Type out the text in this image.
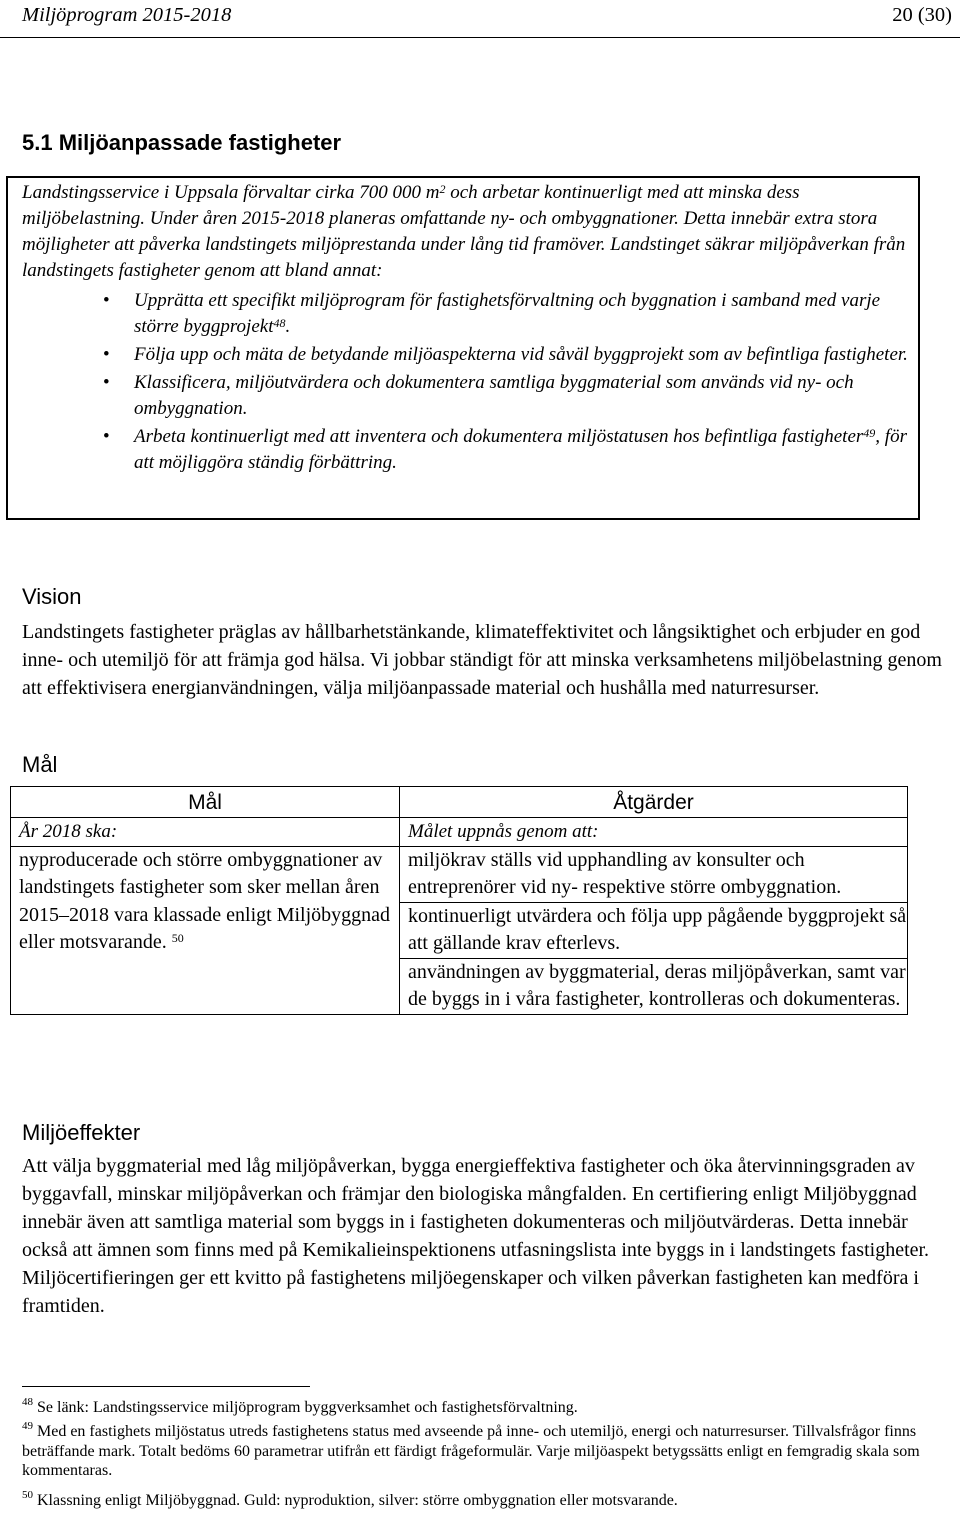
Miljöprogram 2015-2018	20 (30)
5.1 Miljöanpassade fastigheter
Landstingsservice i Uppsala förvaltar cirka 700 000 $m^2$ och arbetar kontinuerligt med att minska dess miljöbelastning. Under åren 2015-2018 planeras omfattande ny- och ombyggnationer. Detta innebär extra stora möjligheter att påverka landstingets miljöprestanda under lång tid framöver. Landstinget säkrar miljöpåverkan från landstingets fastigheter genom att bland annat:
• Upprätta ett specifikt miljöprogram för fastighetsförvaltning och byggnation i samband med varje större byggprojekt$^{48}$.
• Följa upp och mäta de betydande miljöaspekterna vid såväl byggprojekt som av befintliga fastigheter.
• Klassificera, miljöutvärdera och dokumentera samtliga byggmaterial som används vid ny- och ombyggnation.
• Arbeta kontinuerligt med att inventera och dokumentera miljöstatusen hos befintliga fastigheter$^{49}$, för att möjliggöra ständig förbättring.
Vision
Landstingets fastigheter präglas av hållbarhetstänkande, klimateffektivitet och långsiktighet och erbjuder en god inne- och utemiljö för att främja god hälsa. Vi jobbar ständigt för att minska verksamhetens miljöbelastning genom att effektivisera energianvändningen, välja miljöanpassade material och hushålla med naturresurser.
Mål
Mål	Åtgärder
År 2018 ska:	Målet uppnås genom att:
nyproducerade och större ombyggnationer av landstingets fastigheter som sker mellan åren 2015–2018 vara klassade enligt Miljöbyggnad eller motsvarande. $^{50}$	miljökrav ställs vid upphandling av konsulter och entreprenörer vid ny- respektive större ombyggnation.
	kontinuerligt utvärdera och följa upp pågående byggprojekt så att gällande krav efterlevs.
	användningen av byggmaterial, deras miljöpåverkan, samt var de byggs in i våra fastigheter, kontrolleras och dokumenteras.
Miljöeffekter
Att välja byggmaterial med låg miljöpåverkan, bygga energieffektiva fastigheter och öka återvinningsgraden av byggavfall, minskar miljöpåverkan och främjar den biologiska mångfalden. En certifiering enligt Miljöbyggnad innebär även att samtliga material som byggs in i fastigheten dokumenteras och miljöutvärderas. Detta innebär också att ämnen som finns med på Kemikalieinspektionens utfasningslista inte byggs in i landstingets fastigheter. Miljöcertifieringen ger ett kvitto på fastighetens miljöegenskaper och vilken påverkan fastigheten kan medföra i framtiden.
$^{48}$ Se länk: Landstingsservice miljöprogram byggverksamhet och fastighetsförvaltning.
$^{49}$ Med en fastighets miljöstatus utreds fastighetens status med avseende på inne- och utemiljö, energi och naturresurser. Tillvalsfrågor finns beträffande mark. Totalt bedöms 60 parametrar utifrån ett färdigt frågeformulär. Varje miljöaspekt betygssätts enligt en femgradig skala som kommentaras.
$^{50}$ Klassning enligt Miljöbyggnad. Guld: nyproduktion, silver: större ombyggnation eller motsvarande.
